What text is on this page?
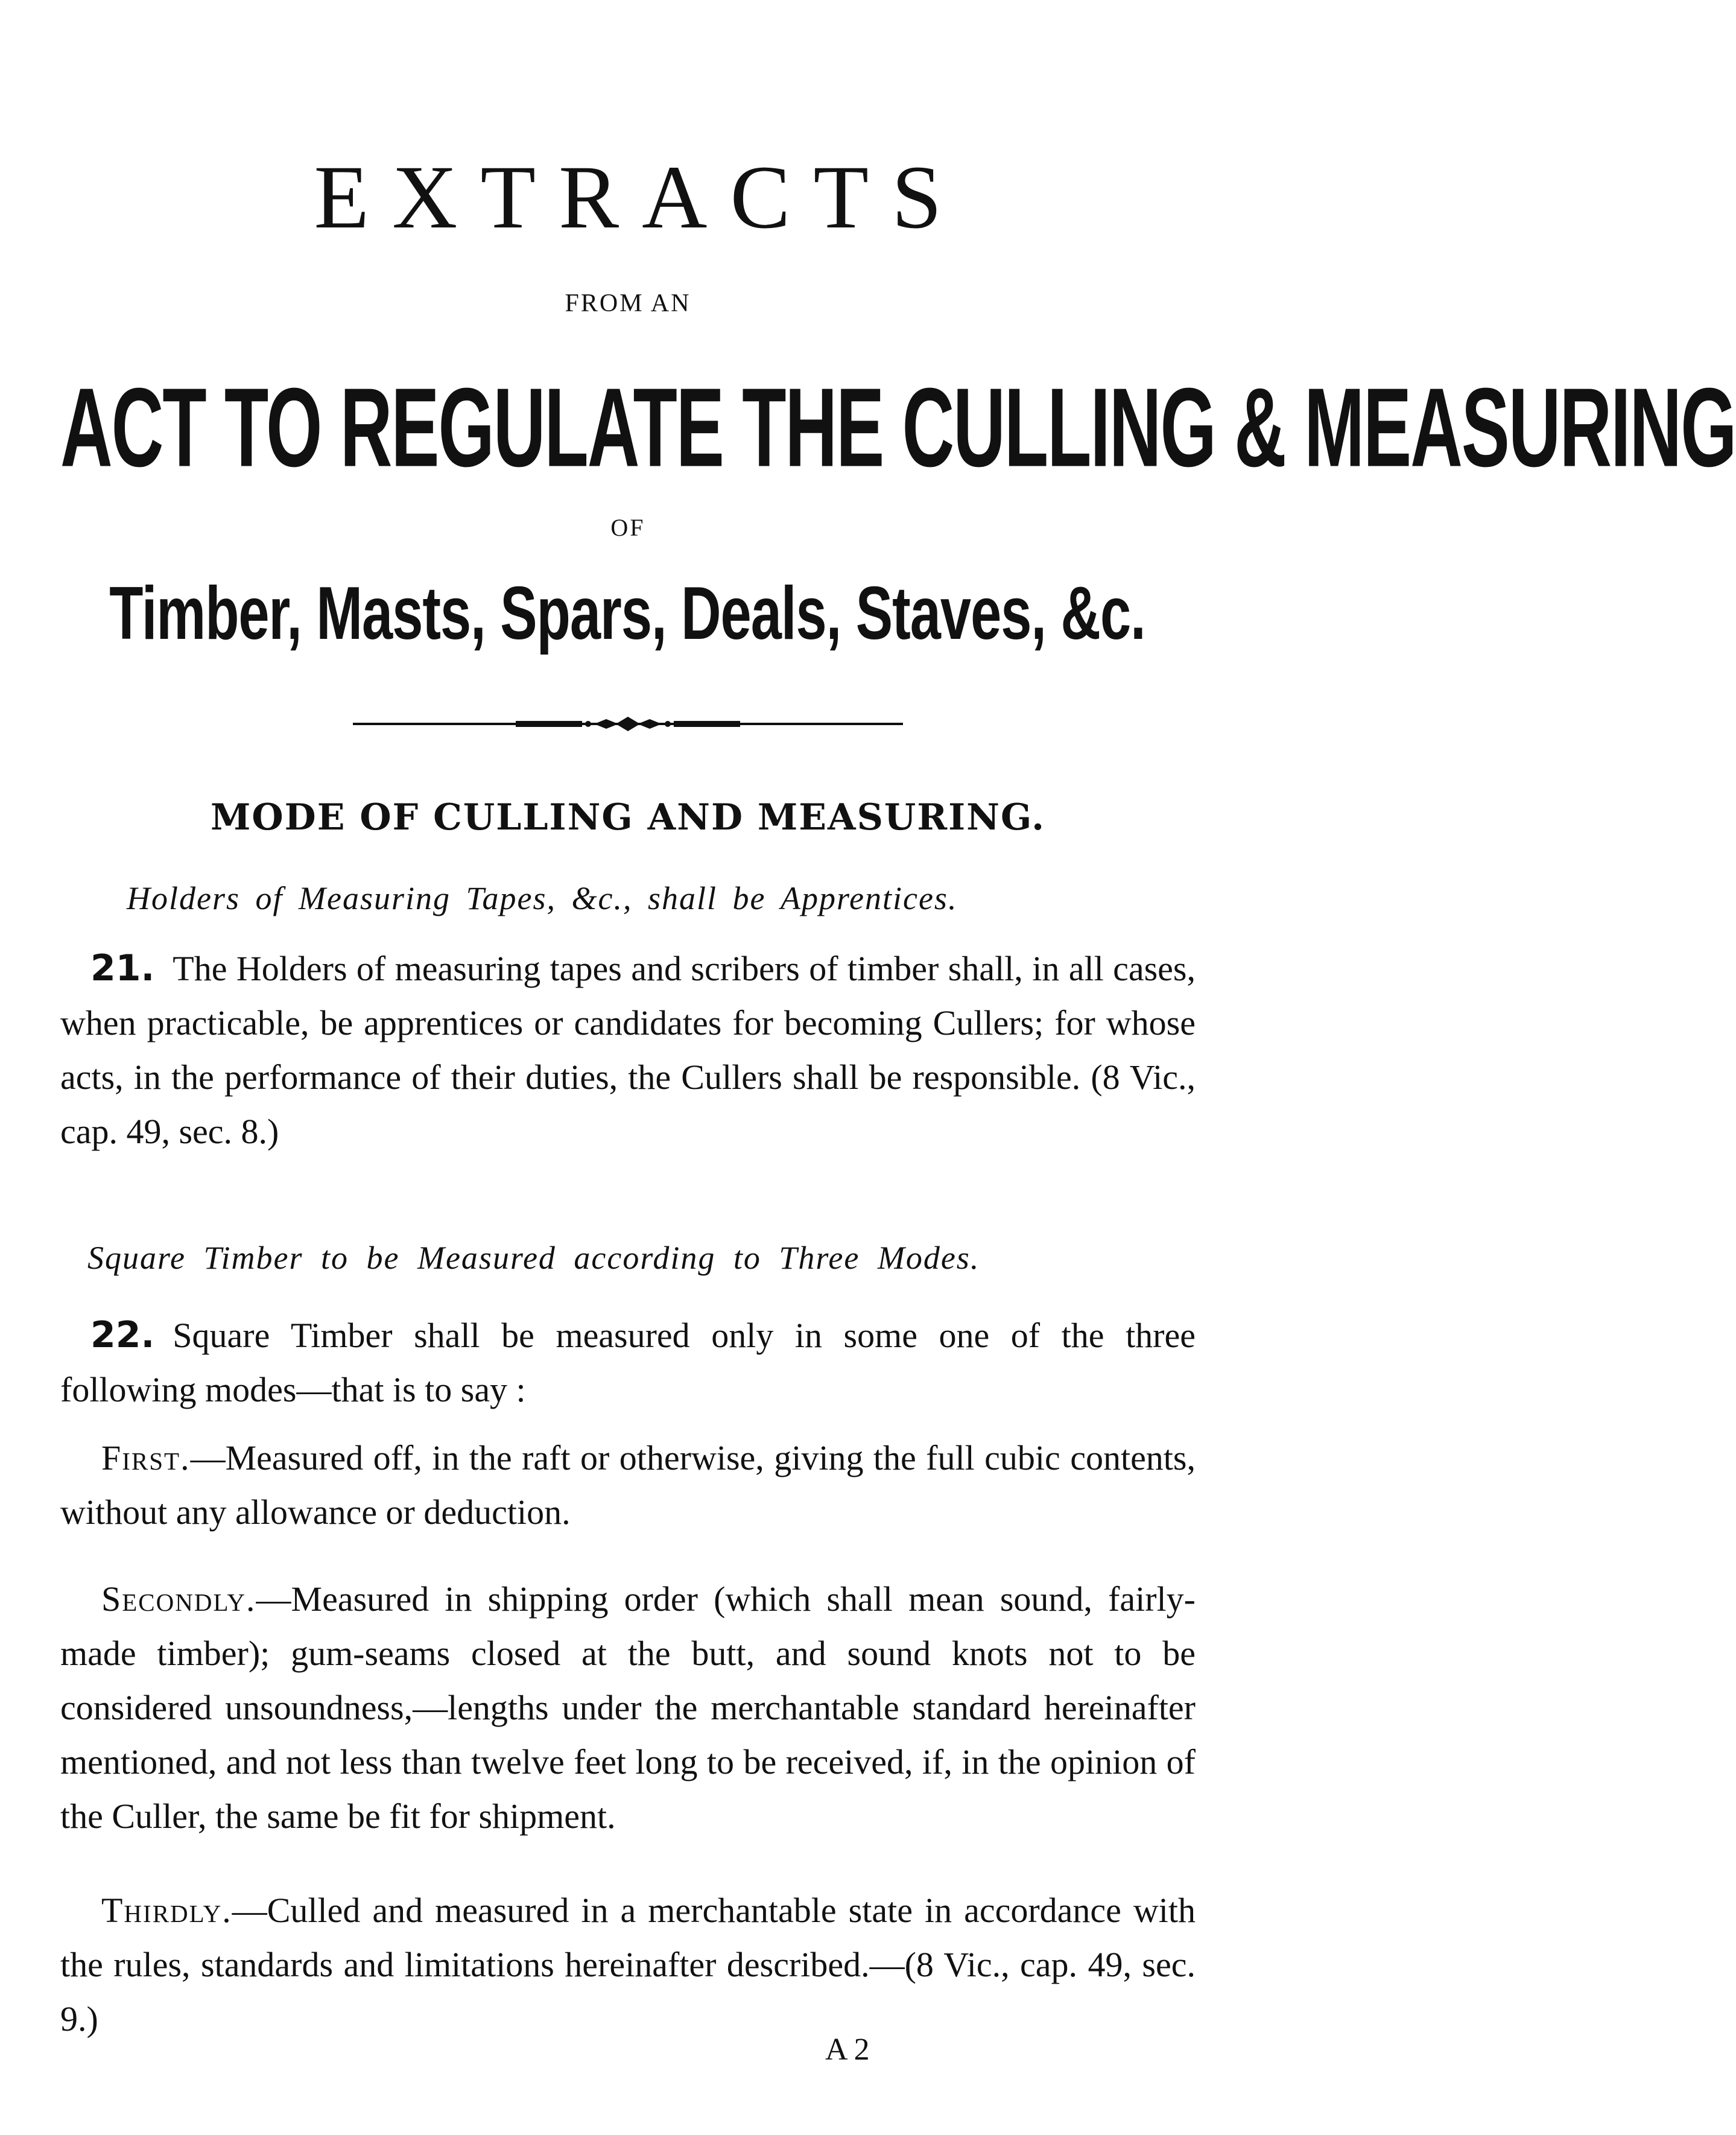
EXTRACTS
FROM AN
ACT TO REGULATE THE CULLING & MEASURING
OF
Timber, Masts, Spars, Deals, Staves, &c.
MODE OF CULLING AND MEASURING.
Holders of Measuring Tapes, &c., shall be Apprentices.

21. The Holders of measuring tapes and scribers of timber shall, in all cases, when practicable, be apprentices or candidates for becoming Cullers; for whose acts, in the performance of their duties, the Cullers shall be responsible. (8 Vic., cap. 49, sec. 8.)

Square Timber to be Measured according to Three Modes.

22. Square Timber shall be measured only in some one of the three following modes—that is to say :

First.—Measured off, in the raft or otherwise, giving the full cubic contents, without any allowance or deduction.

Secondly.—Measured in shipping order (which shall mean sound, fairly-made timber); gum-seams closed at the butt, and sound knots not to be considered unsoundness,—lengths under the merchantable standard hereinafter mentioned, and not less than twelve feet long to be received, if, in the opinion of the Culler, the same be fit for shipment.

Thirdly.—Culled and measured in a merchantable state in accordance with the rules, standards and limitations hereinafter described.—(8 Vic., cap. 49, sec. 9.)

A 2
